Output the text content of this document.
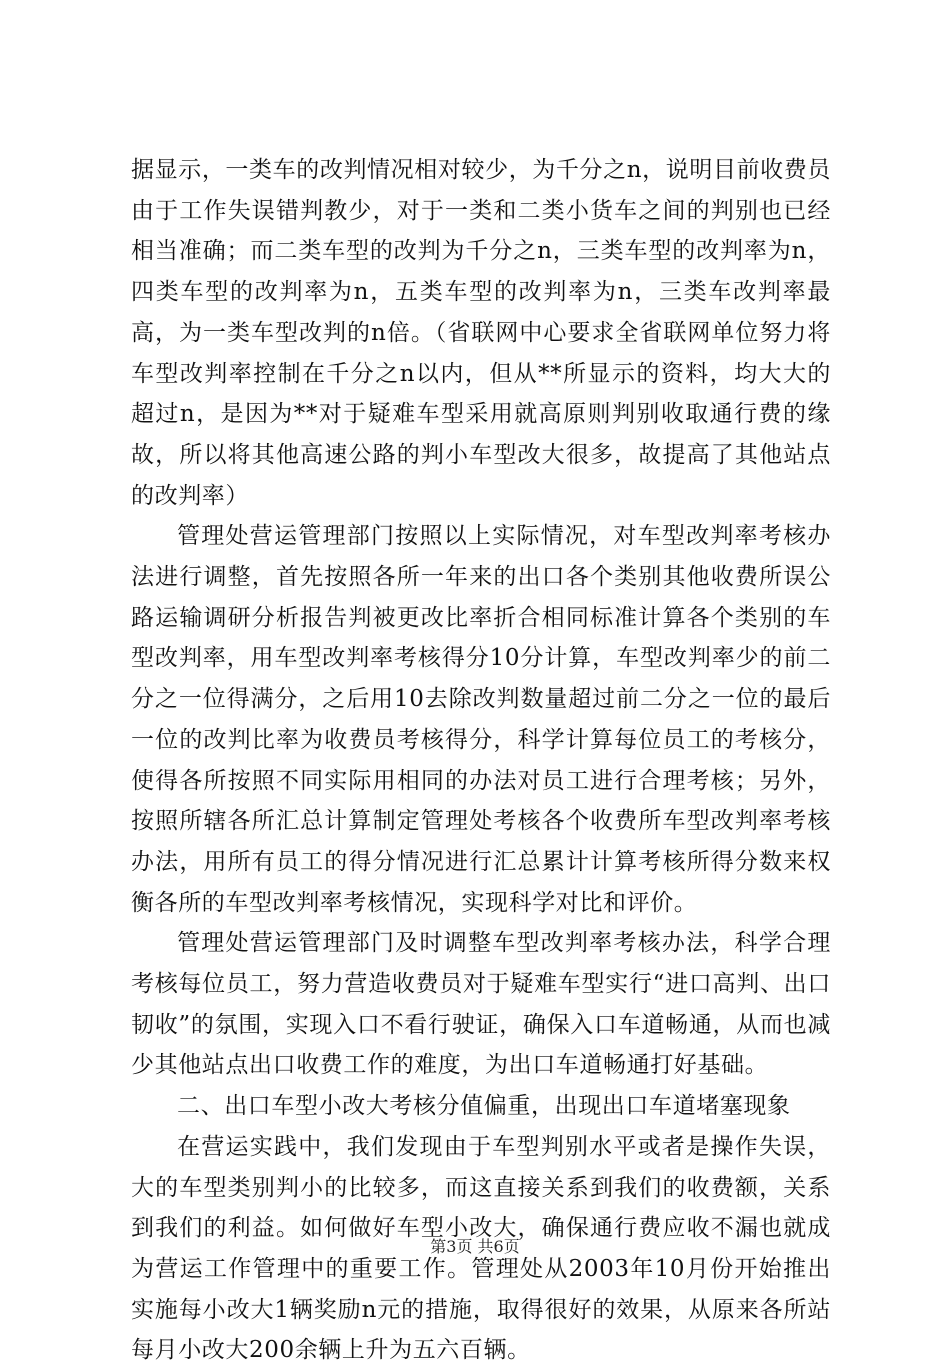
据显示，一类车的改判情况相对较少，为千分之n，说明目前收费员由于工作失误错判教少，对于一类和二类小货车之间的判别也已经相当准确；而二类车型的改判为千分之n，三类车型的改判率为n，四类车型的改判率为n，五类车型的改判率为n，三类车改判率最高，为一类车型改判的n倍。（省联网中心要求全省联网单位努力将车型改判率控制在千分之n以内，但从**所显示的资料，均大大的超过n，是因为**对于疑难车型采用就高原则判别收取通行费的缘故，所以将其他高速公路的判小车型改大很多，故提高了其他站点的改判率）

管理处营运管理部门按照以上实际情况，对车型改判率考核办法进行调整，首先按照各所一年来的出口各个类别其他收费所误公路运输调研分析报告判被更改比率折合相同标准计算各个类别的车型改判率，用车型改判率考核得分10分计算，车型改判率少的前二分之一位得满分，之后用10去除改判数量超过前二分之一位的最后一位的改判比率为收费员考核得分，科学计算每位员工的考核分，使得各所按照不同实际用相同的办法对员工进行合理考核；另外，按照所辖各所汇总计算制定管理处考核各个收费所车型改判率考核办法，用所有员工的得分情况进行汇总累计计算考核所得分数来权衡各所的车型改判率考核情况，实现科学对比和评价。

管理处营运管理部门及时调整车型改判率考核办法，科学合理考核每位员工，努力营造收费员对于疑难车型实行“进口高判、出口韧收”的氛围，实现入口不看行驶证，确保入口车道畅通，从而也减少其他站点出口收费工作的难度，为出口车道畅通打好基础。

二、出口车型小改大考核分值偏重，出现出口车道堵塞现象

在营运实践中，我们发现由于车型判别水平或者是操作失误，大的车型类别判小的比较多，而这直接关系到我们的收费额，关系到我们的利益。如何做好车型小改大，确保通行费应收不漏也就成为营运工作管理中的重要工作。管理处从2003年10月份开始推出实施每小改大1辆奖励n元的措施，取得很好的效果，从原来各所站每月小改大200余辆上升为五六百辆。

第3页 共6页
